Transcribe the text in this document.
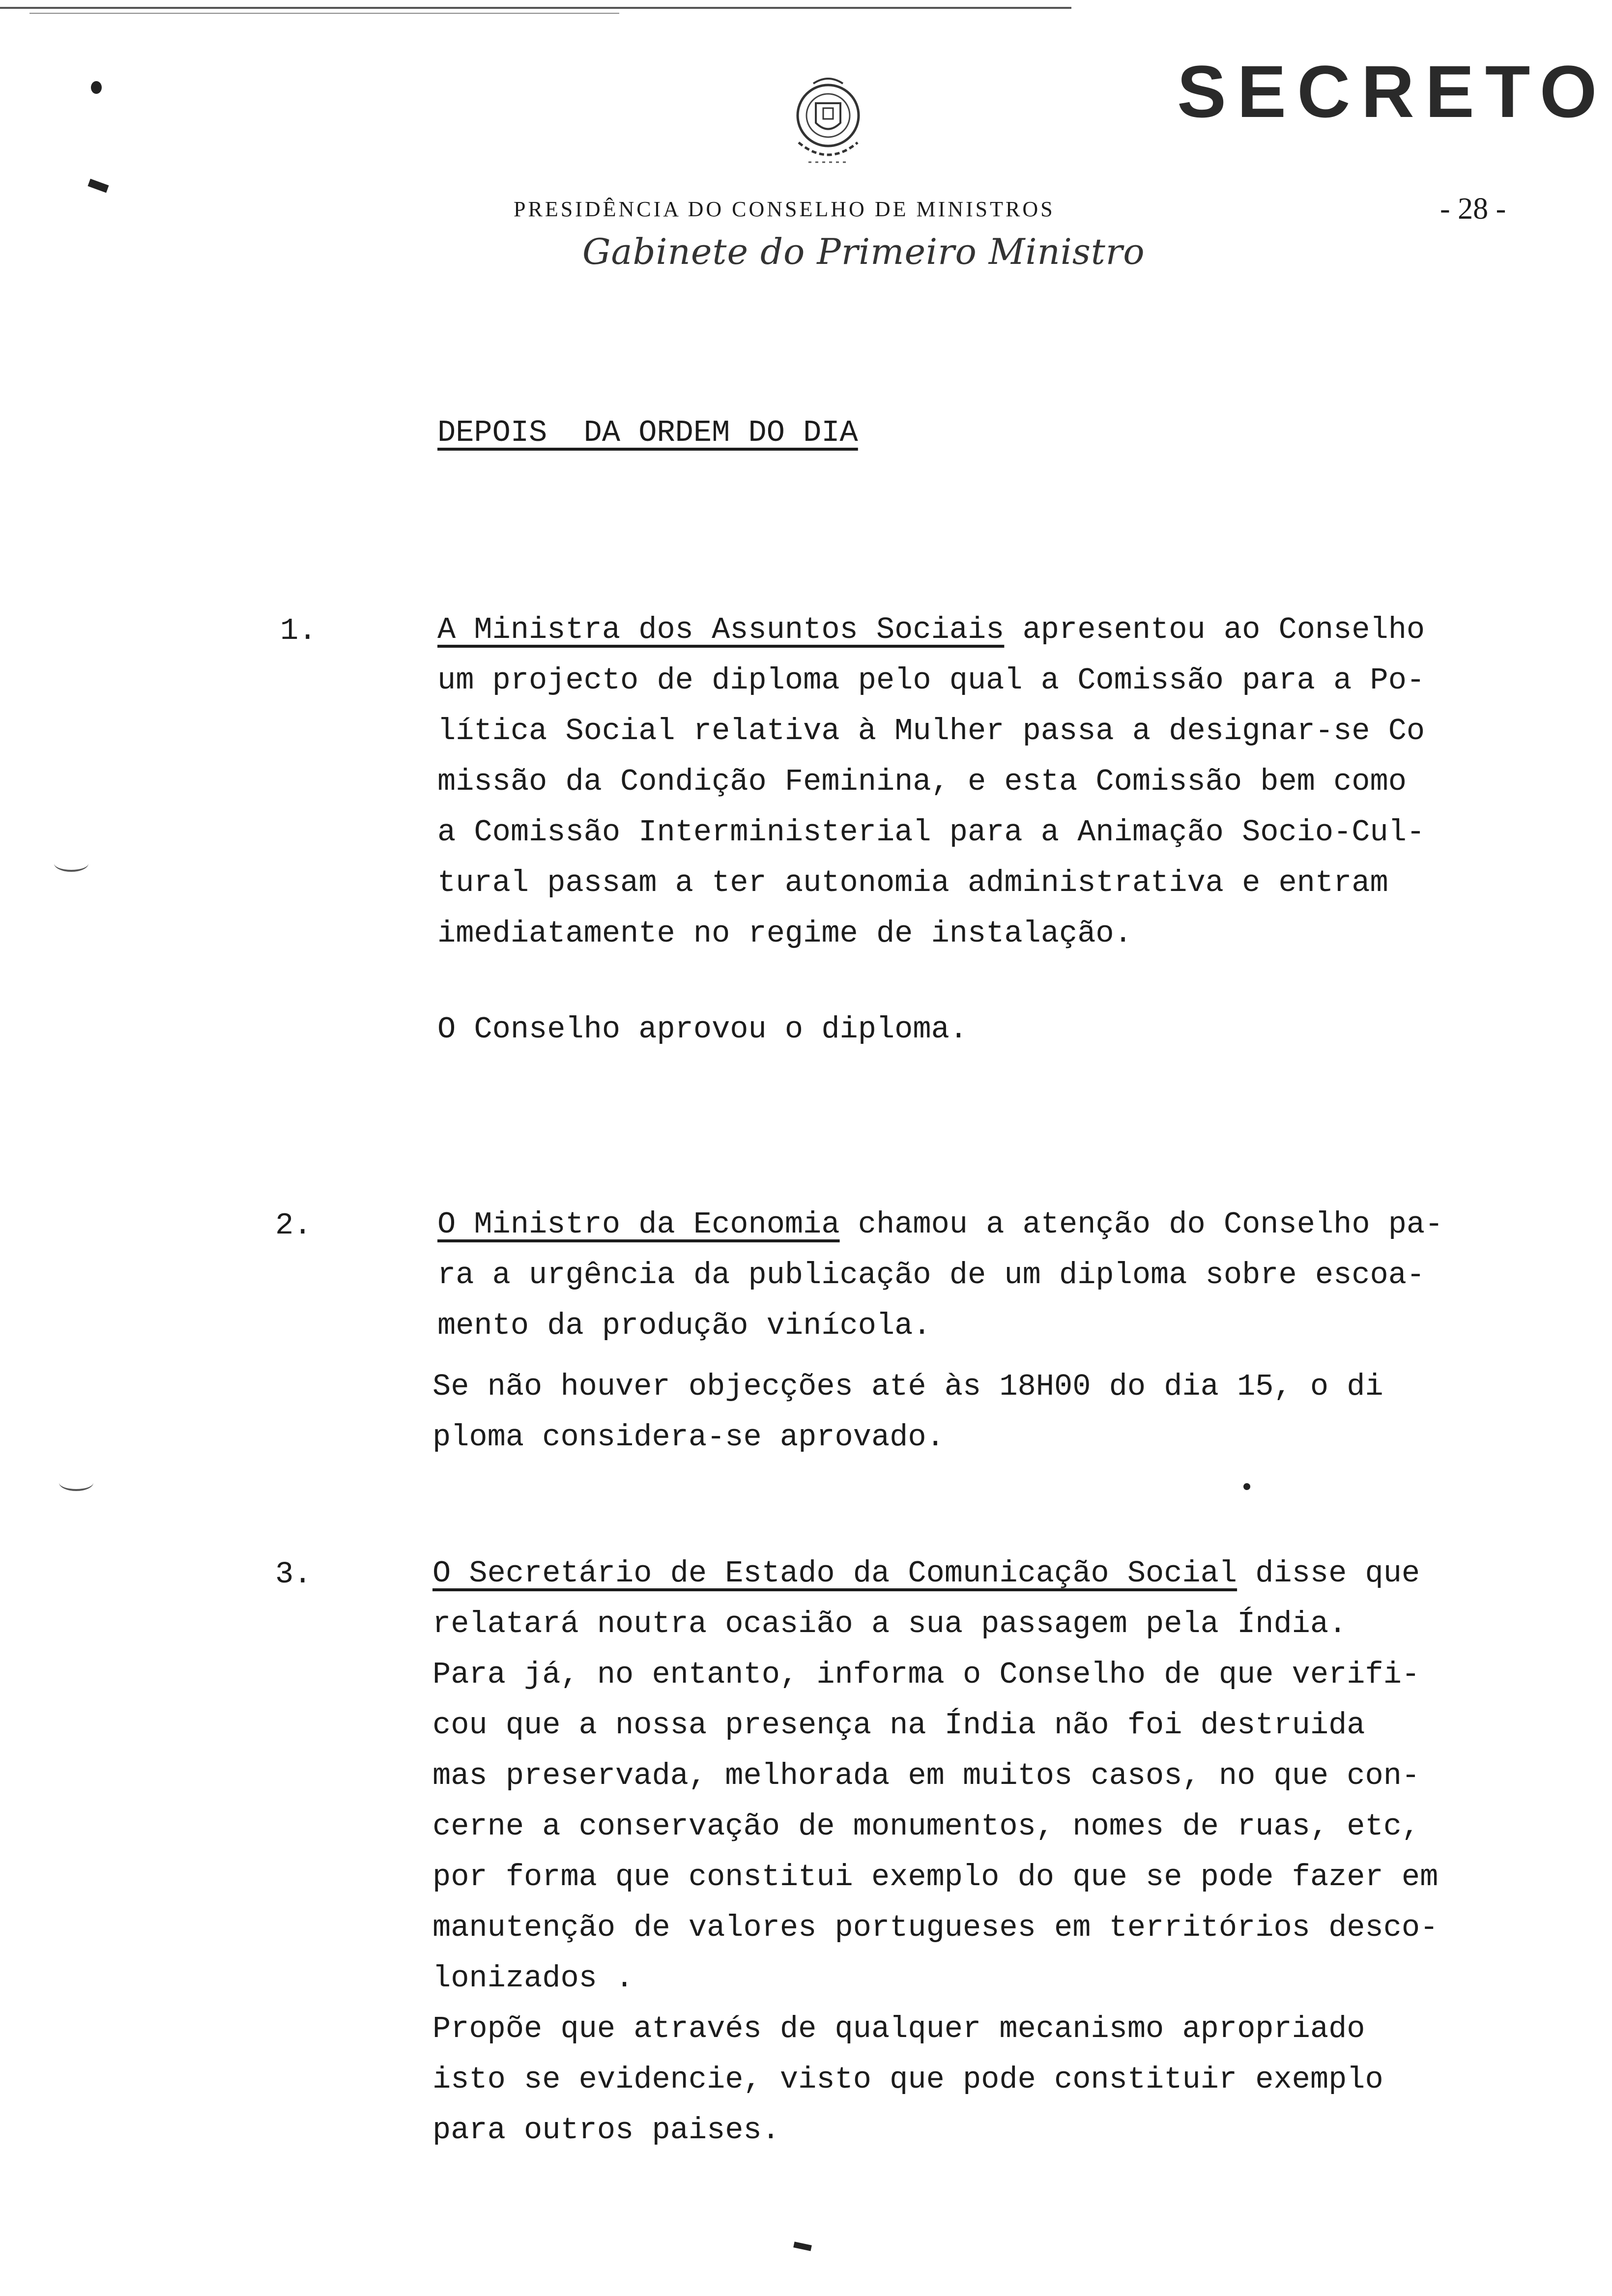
SECRETO
- 28 -
PRESIDÊNCIA DO CONSELHO DE MINISTROS
Gabinete do Primeiro Ministro
DEPOIS  DA ORDEM DO DIA
1.	A Ministra dos Assuntos Sociais apresentou ao Conselho
um projecto de diploma pelo qual a Comissão para a Po-
lítica Social relativa à Mulher passa a designar-se Co
missão da Condição Feminina, e esta Comissão bem como
a Comissão Interministerial para a Animação Socio-Cul-
tural passam a ter autonomia administrativa e entram
imediatamente no regime de instalação.
O Conselho aprovou o diploma.
2.	O Ministro da Economia chamou a atenção do Conselho pa-
ra a urgência da publicação de um diploma sobre escoa-
mento da produção vinícola.
Se não houver objecções até às 18H00 do dia 15, o di
ploma considera-se aprovado.
3.	O Secretário de Estado da Comunicação Social disse que
relatará noutra ocasião a sua passagem pela Índia.
Para já, no entanto, informa o Conselho de que verifi-
cou que a nossa presença na Índia não foi destruida
mas preservada, melhorada em muitos casos, no que con-
cerne a conservação de monumentos, nomes de ruas, etc,
por forma que constitui exemplo do que se pode fazer em
manutenção de valores portugueses em territórios desco-
lonizados .
Propõe que através de qualquer mecanismo apropriado
isto se evidencie, visto que pode constituir exemplo
para outros paises.
